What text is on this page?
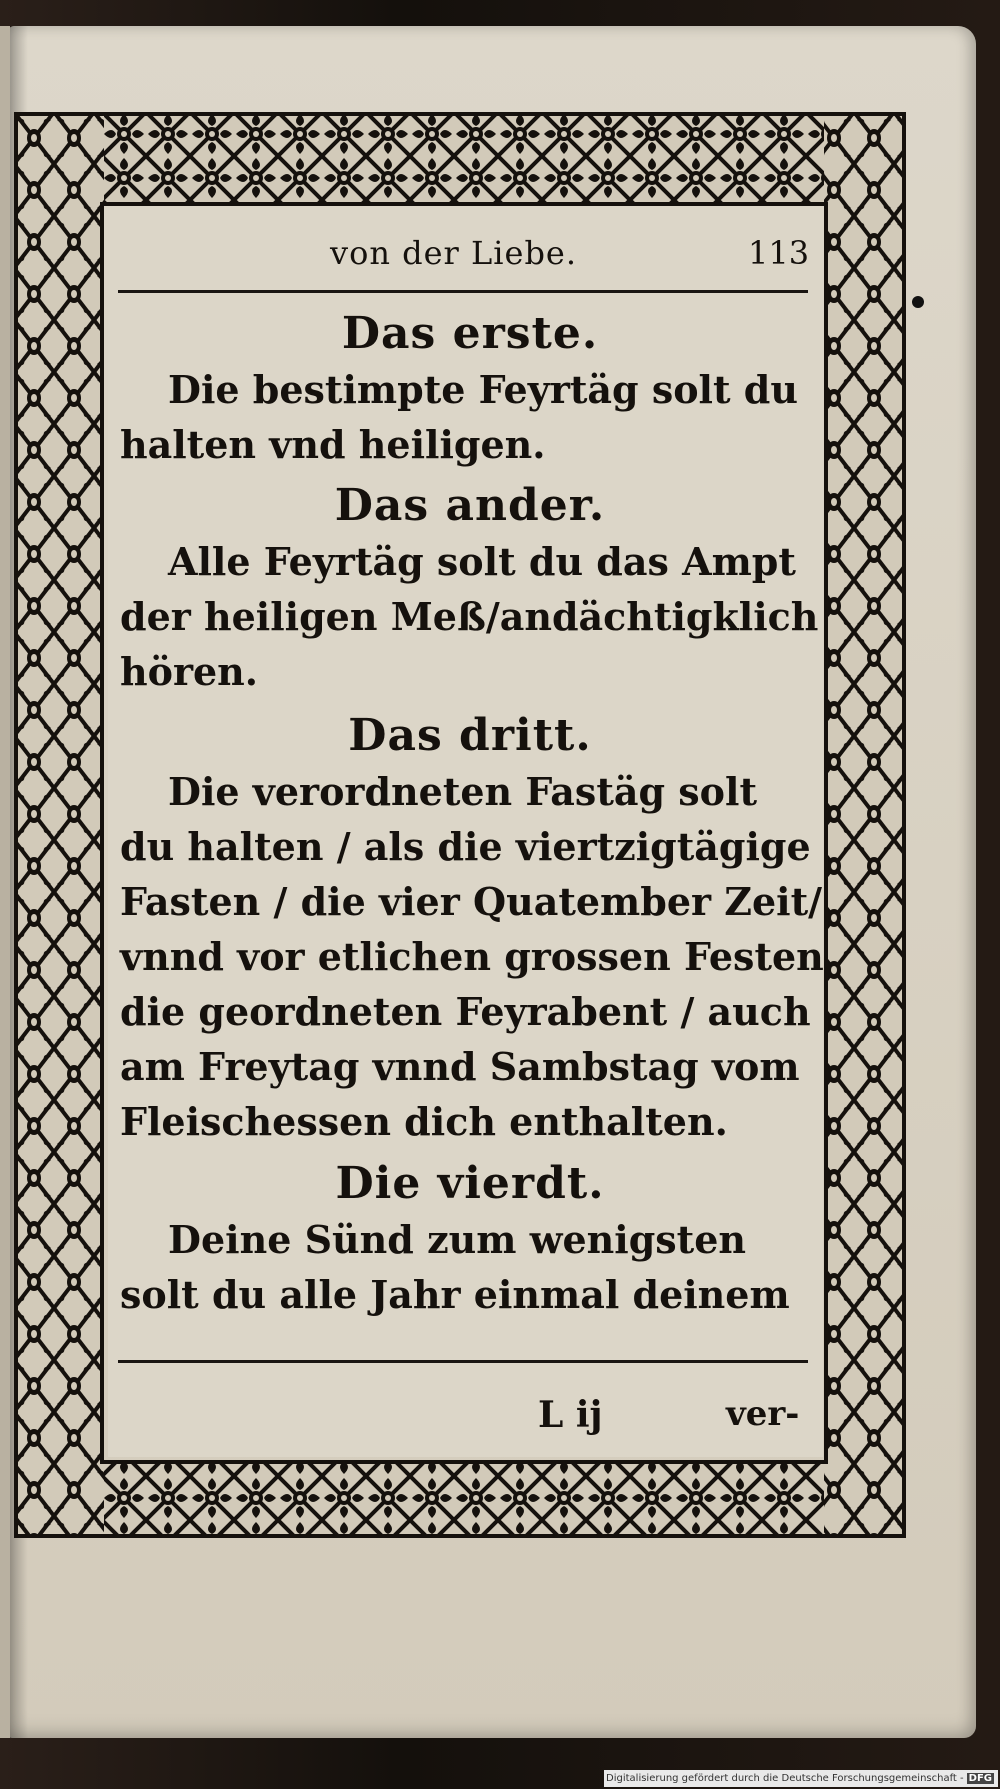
von der Liebe.	113
Das erste.
Die bestimpte Feyrtäg solt du
halten vnd heiligen.
Das ander.
Alle Feyrtäg solt du das Ampt
der heiligen Meß/andächtigklich
hören.
Das dritt.
Die verordneten Fastäg solt
du halten / als die viertzigtägige
Fasten / die vier Quatember Zeit/
vnnd vor etlichen grossen Festen
die geordneten Feyrabent / auch
am Freytag vnnd Sambstag vom
Fleischessen dich enthalten.
Die vierdt.
Deine Sünd zum wenigsten
solt du alle Jahr einmal deinem
L ij	ver-
Digitalisierung gefördert durch die Deutsche Forschungsgemeinschaft - DFG
